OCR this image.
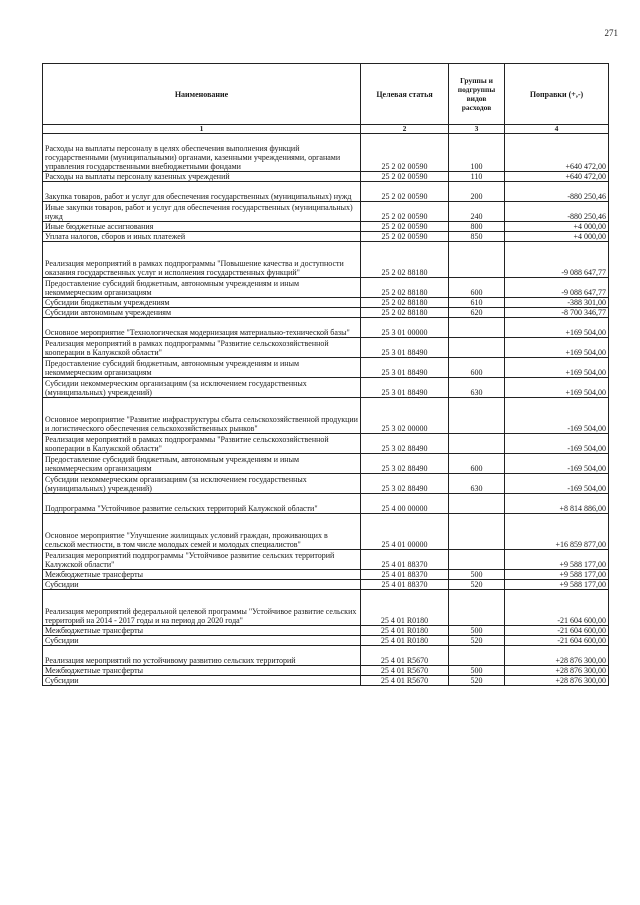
271
Наименование	Целевая статья	Группы и подгруппы видов расходов	Поправки (+,-)
1	2	3	4
Расходы на выплаты персоналу в целях обеспечения выполнения функций государственными (муниципальными) органами, казенными учреждениями, органами управления государственными внебюджетными фондами	25 2 02 00590	100	+640 472,00
Расходы на выплаты персоналу казенных учреждений	25 2 02 00590	110	+640 472,00
Закупка товаров, работ и услуг для обеспечения государственных (муниципальных) нужд	25 2 02 00590	200	-880 250,46
Иные закупки товаров, работ и услуг для обеспечения государственных (муниципальных) нужд	25 2 02 00590	240	-880 250,46
Иные бюджетные ассигнования	25 2 02 00590	800	+4 000,00
Уплата налогов, сборов и иных платежей	25 2 02 00590	850	+4 000,00
Реализация мероприятий в рамках подпрограммы "Повышение качества и доступности оказания государственных услуг и исполнения государственных функций"	25 2 02 88180		-9 088 647,77
Предоставление субсидий бюджетным, автономным учреждениям и иным некоммерческим организациям	25 2 02 88180	600	-9 088 647,77
Субсидии бюджетным учреждениям	25 2 02 88180	610	-388 301,00
Субсидии автономным учреждениям	25 2 02 88180	620	-8 700 346,77
Основное мероприятие "Технологическая модернизация материально-технической базы"	25 3 01 00000		+169 504,00
Реализация мероприятий в рамках подпрограммы "Развитие сельскохозяйственной кооперации в Калужской области"	25 3 01 88490		+169 504,00
Предоставление субсидий бюджетным, автономным учреждениям и иным некоммерческим организациям	25 3 01 88490	600	+169 504,00
Субсидии некоммерческим организациям (за исключением государственных (муниципальных) учреждений)	25 3 01 88490	630	+169 504,00
Основное мероприятие "Развитие инфраструктуры сбыта сельскохозяйственной продукции и логистического обеспечения сельскохозяйственных рынков"	25 3 02 00000		-169 504,00
Реализация мероприятий в рамках подпрограммы "Развитие сельскохозяйственной кооперации в Калужской области"	25 3 02 88490		-169 504,00
Предоставление субсидий бюджетным, автономным учреждениям и иным некоммерческим организациям	25 3 02 88490	600	-169 504,00
Субсидии некоммерческим организациям (за исключением государственных (муниципальных) учреждений)	25 3 02 88490	630	-169 504,00
Подпрограмма "Устойчивое развитие сельских территорий Калужской области"	25 4 00 00000		+8 814 886,00
Основное мероприятие "Улучшение жилищных условий граждан, проживающих в сельской местности, в том числе молодых семей и молодых специалистов"	25 4 01 00000		+16 859 877,00
Реализация мероприятий подпрограммы "Устойчивое развитие сельских территорий Калужской области"	25 4 01 88370		+9 588 177,00
Межбюджетные трансферты	25 4 01 88370	500	+9 588 177,00
Субсидии	25 4 01 88370	520	+9 588 177,00
Реализация мероприятий федеральной целевой программы "Устойчивое развитие сельских территорий на 2014 - 2017 годы и на период до 2020 года"	25 4 01 R0180		-21 604 600,00
Межбюджетные трансферты	25 4 01 R0180	500	-21 604 600,00
Субсидии	25 4 01 R0180	520	-21 604 600,00
Реализация мероприятий по устойчивому развитию сельских территорий	25 4 01 R5670		+28 876 300,00
Межбюджетные трансферты	25 4 01 R5670	500	+28 876 300,00
Субсидии	25 4 01 R5670	520	+28 876 300,00
